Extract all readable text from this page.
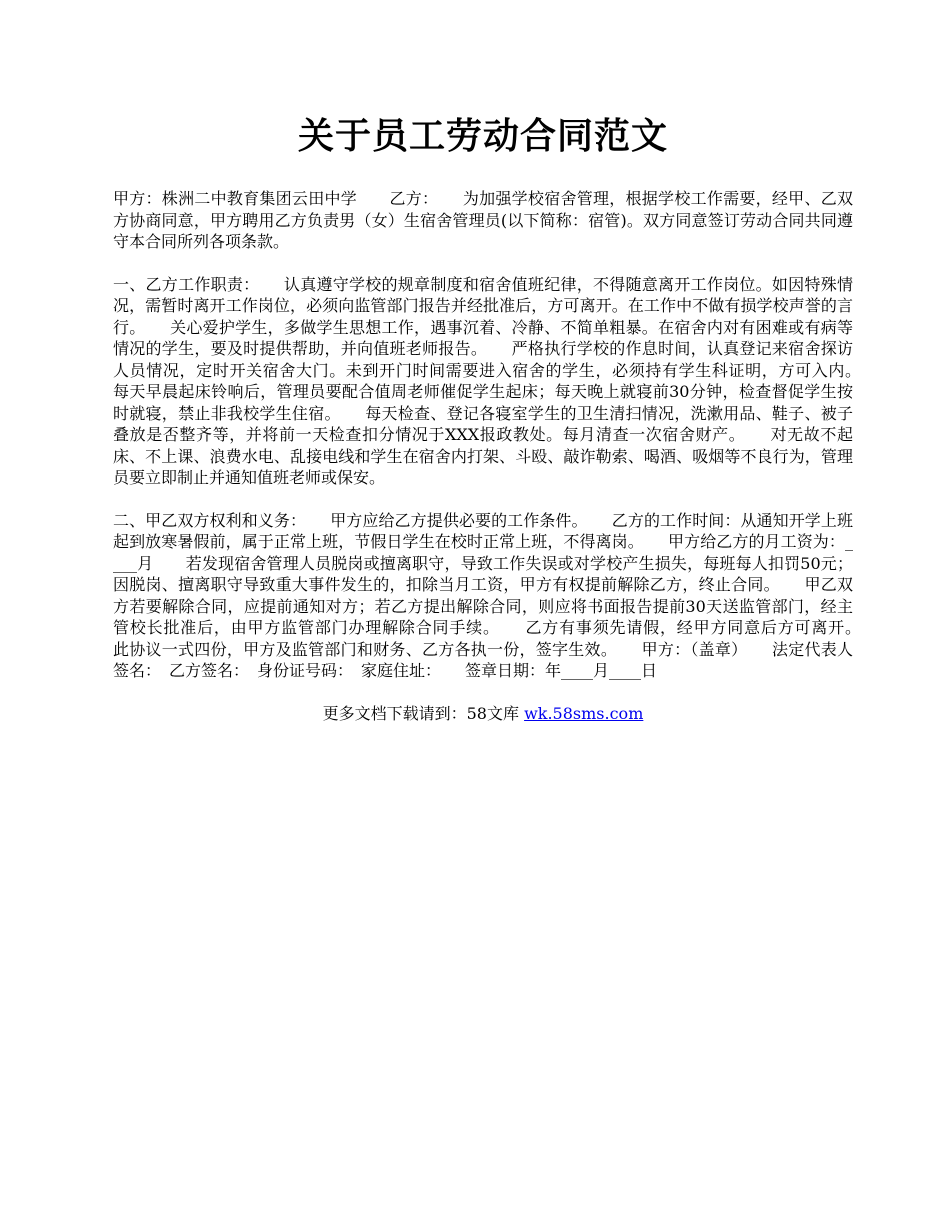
关于员工劳动合同范文

甲方：株洲二中教育集团云田中学　　乙方：　　为加强学校宿舍管理，根据学校工作需要，经甲、乙双方协商同意，甲方聘用乙方负责男（女）生宿舍管理员(以下简称：宿管)。双方同意签订劳动合同共同遵守本合同所列各项条款。

一、乙方工作职责：　　认真遵守学校的规章制度和宿舍值班纪律，不得随意离开工作岗位。如因特殊情况，需暂时离开工作岗位，必须向监管部门报告并经批准后，方可离开。在工作中不做有损学校声誉的言行。　　关心爱护学生，多做学生思想工作，遇事沉着、冷静、不简单粗暴。在宿舍内对有困难或有病等情况的学生，要及时提供帮助，并向值班老师报告。　　严格执行学校的作息时间，认真登记来宿舍探访人员情况，定时开关宿舍大门。未到开门时间需要进入宿舍的学生，必须持有学生科证明，方可入内。　　每天早晨起床铃响后，管理员要配合值周老师催促学生起床；每天晚上就寝前30分钟，检查督促学生按时就寝，禁止非我校学生住宿。　　每天检查、登记各寝室学生的卫生清扫情况，洗漱用品、鞋子、被子叠放是否整齐等，并将前一天检查扣分情况于XXX报政教处。每月清查一次宿舍财产。　　对无故不起床、不上课、浪费水电、乱接电线和学生在宿舍内打架、斗殴、敲诈勒索、喝酒、吸烟等不良行为，管理员要立即制止并通知值班老师或保安。

二、甲乙双方权利和义务：　　甲方应给乙方提供必要的工作条件。　　乙方的工作时间：从通知开学上班起到放寒暑假前，属于正常上班，节假日学生在校时正常上班，不得离岗。　　甲方给乙方的月工资为：____月　　若发现宿舍管理人员脱岗或擅离职守，导致工作失误或对学校产生损失，每班每人扣罚50元；因脱岗、擅离职守导致重大事件发生的，扣除当月工资，甲方有权提前解除乙方，终止合同。　　甲乙双方若要解除合同，应提前通知对方；若乙方提出解除合同，则应将书面报告提前30天送监管部门，经主管校长批准后，由甲方监管部门办理解除合同手续。　　乙方有事须先请假，经甲方同意后方可离开。　　此协议一式四份，甲方及监管部门和财务、乙方各执一份，签字生效。　　甲方：（盖章）　　法定代表人签名：　乙方签名：　身份证号码：　家庭住址：　　签章日期：年____月____日

更多文档下载请到：58文库 wk.58sms.com
